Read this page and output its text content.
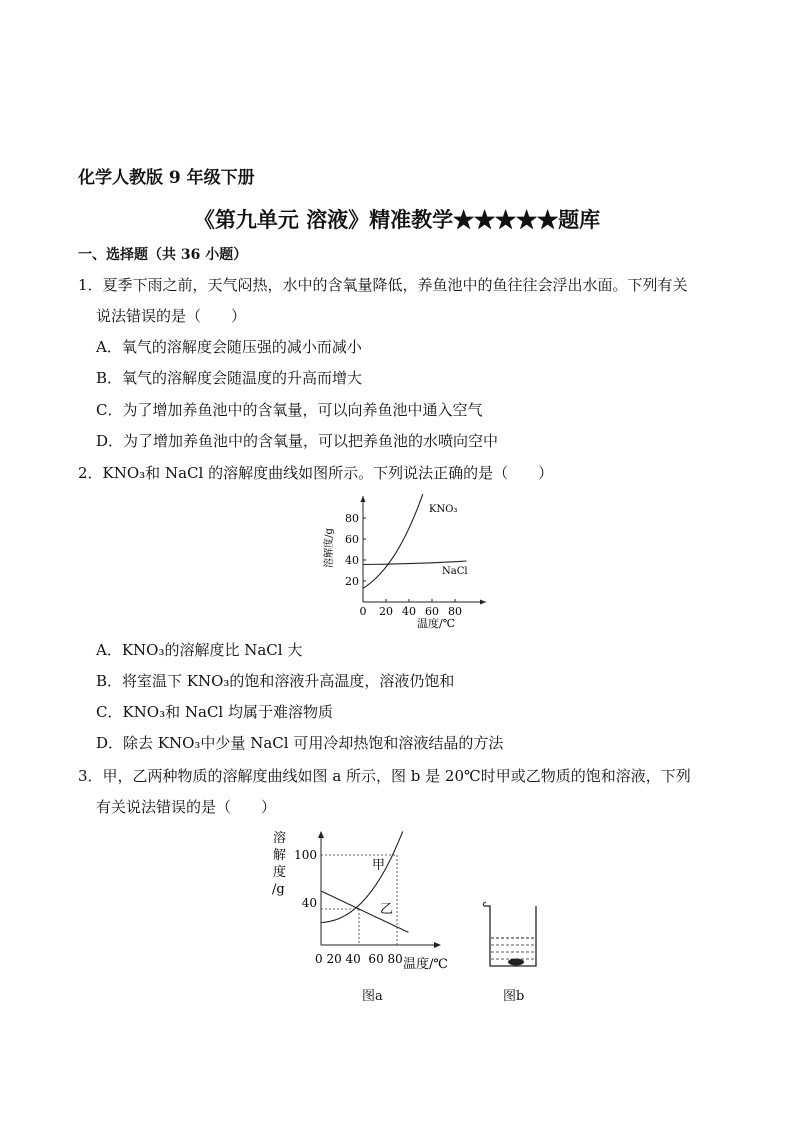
化学人教版 9 年级下册
《第九单元 溶液》精准教学★★★★★题库
一、选择题（共 36 小题）
1．夏季下雨之前，天气闷热，水中的含氧量降低，养鱼池中的鱼往往会浮出水面。下列有关
说法错误的是（　　）
A．氧气的溶解度会随压强的减小而减小
B．氧气的溶解度会随温度的升高而增大
C．为了增加养鱼池中的含氧量，可以向养鱼池中通入空气
D．为了增加养鱼池中的含氧量，可以把养鱼池的水喷向空中
2．KNO₃和 NaCl 的溶解度曲线如图所示。下列说法正确的是（　　）
20
40
60
80
0 20 40 60 80
KNO₃
NaCl
溶解度/g
温度/℃
A．KNO₃的溶解度比 NaCl 大
B．将室温下 KNO₃的饱和溶液升高温度，溶液仍饱和
C．KNO₃和 NaCl 均属于难溶物质
D．除去 KNO₃中少量 NaCl 可用冷却热饱和溶液结晶的方法
3．甲，乙两种物质的溶解度曲线如图 a 所示，图 b 是 20℃时甲或乙物质的饱和溶液，下列
有关说法错误的是（　　）
溶
解
度
/g
100
40
甲
乙
0 20 40  60 80 温度/℃
图a	图b
